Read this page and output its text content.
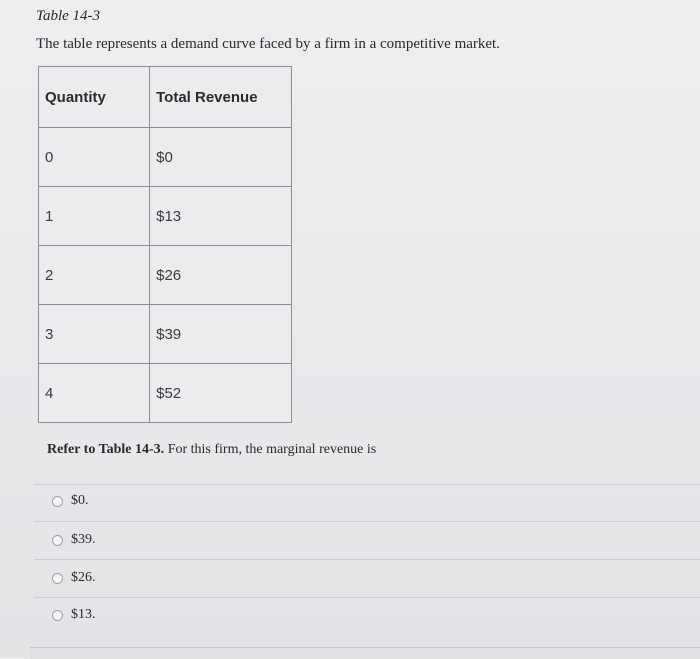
Table 14-3
The table represents a demand curve faced by a firm in a competitive market.
Quantity	Total Revenue
0	$0
1	$13
2	$26
3	$39
4	$52
Refer to Table 14-3. For this firm, the marginal revenue is
$0.
$39.
$26.
$13.
